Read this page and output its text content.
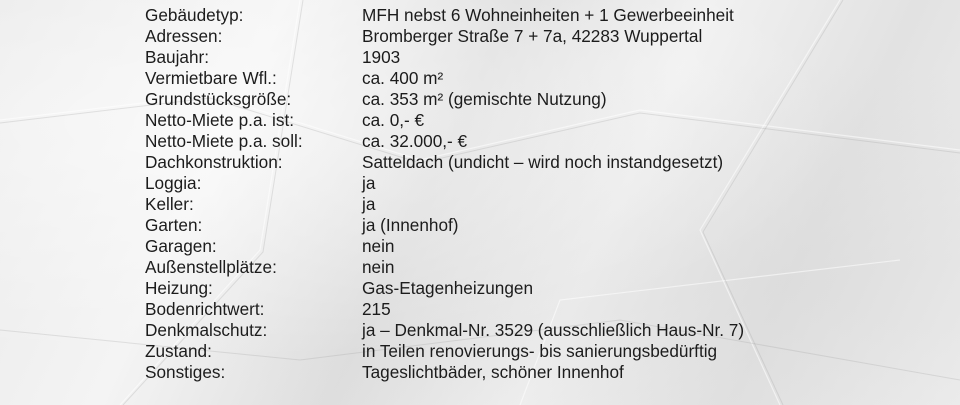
Gebäudetyp:	MFH nebst 6 Wohneinheiten + 1 Gewerbeeinheit
Adressen:	Bromberger Straße 7 + 7a, 42283 Wuppertal
Baujahr:	1903
Vermietbare Wfl.:	ca. 400 m²
Grundstücksgröße:	ca. 353 m² (gemischte Nutzung)
Netto-Miete p.a. ist:	ca. 0,- €
Netto-Miete p.a. soll:	ca. 32.000,- €
Dachkonstruktion:	Satteldach (undicht – wird noch instandgesetzt)
Loggia:	ja
Keller:	ja
Garten:	ja (Innenhof)
Garagen:	nein
Außenstellplätze:	nein
Heizung:	Gas-Etagenheizungen
Bodenrichtwert:	215
Denkmalschutz:	ja – Denkmal-Nr. 3529 (ausschließlich Haus-Nr. 7)
Zustand:	in Teilen renovierungs- bis sanierungsbedürftig
Sonstiges:	Tageslichtbäder, schöner Innenhof
